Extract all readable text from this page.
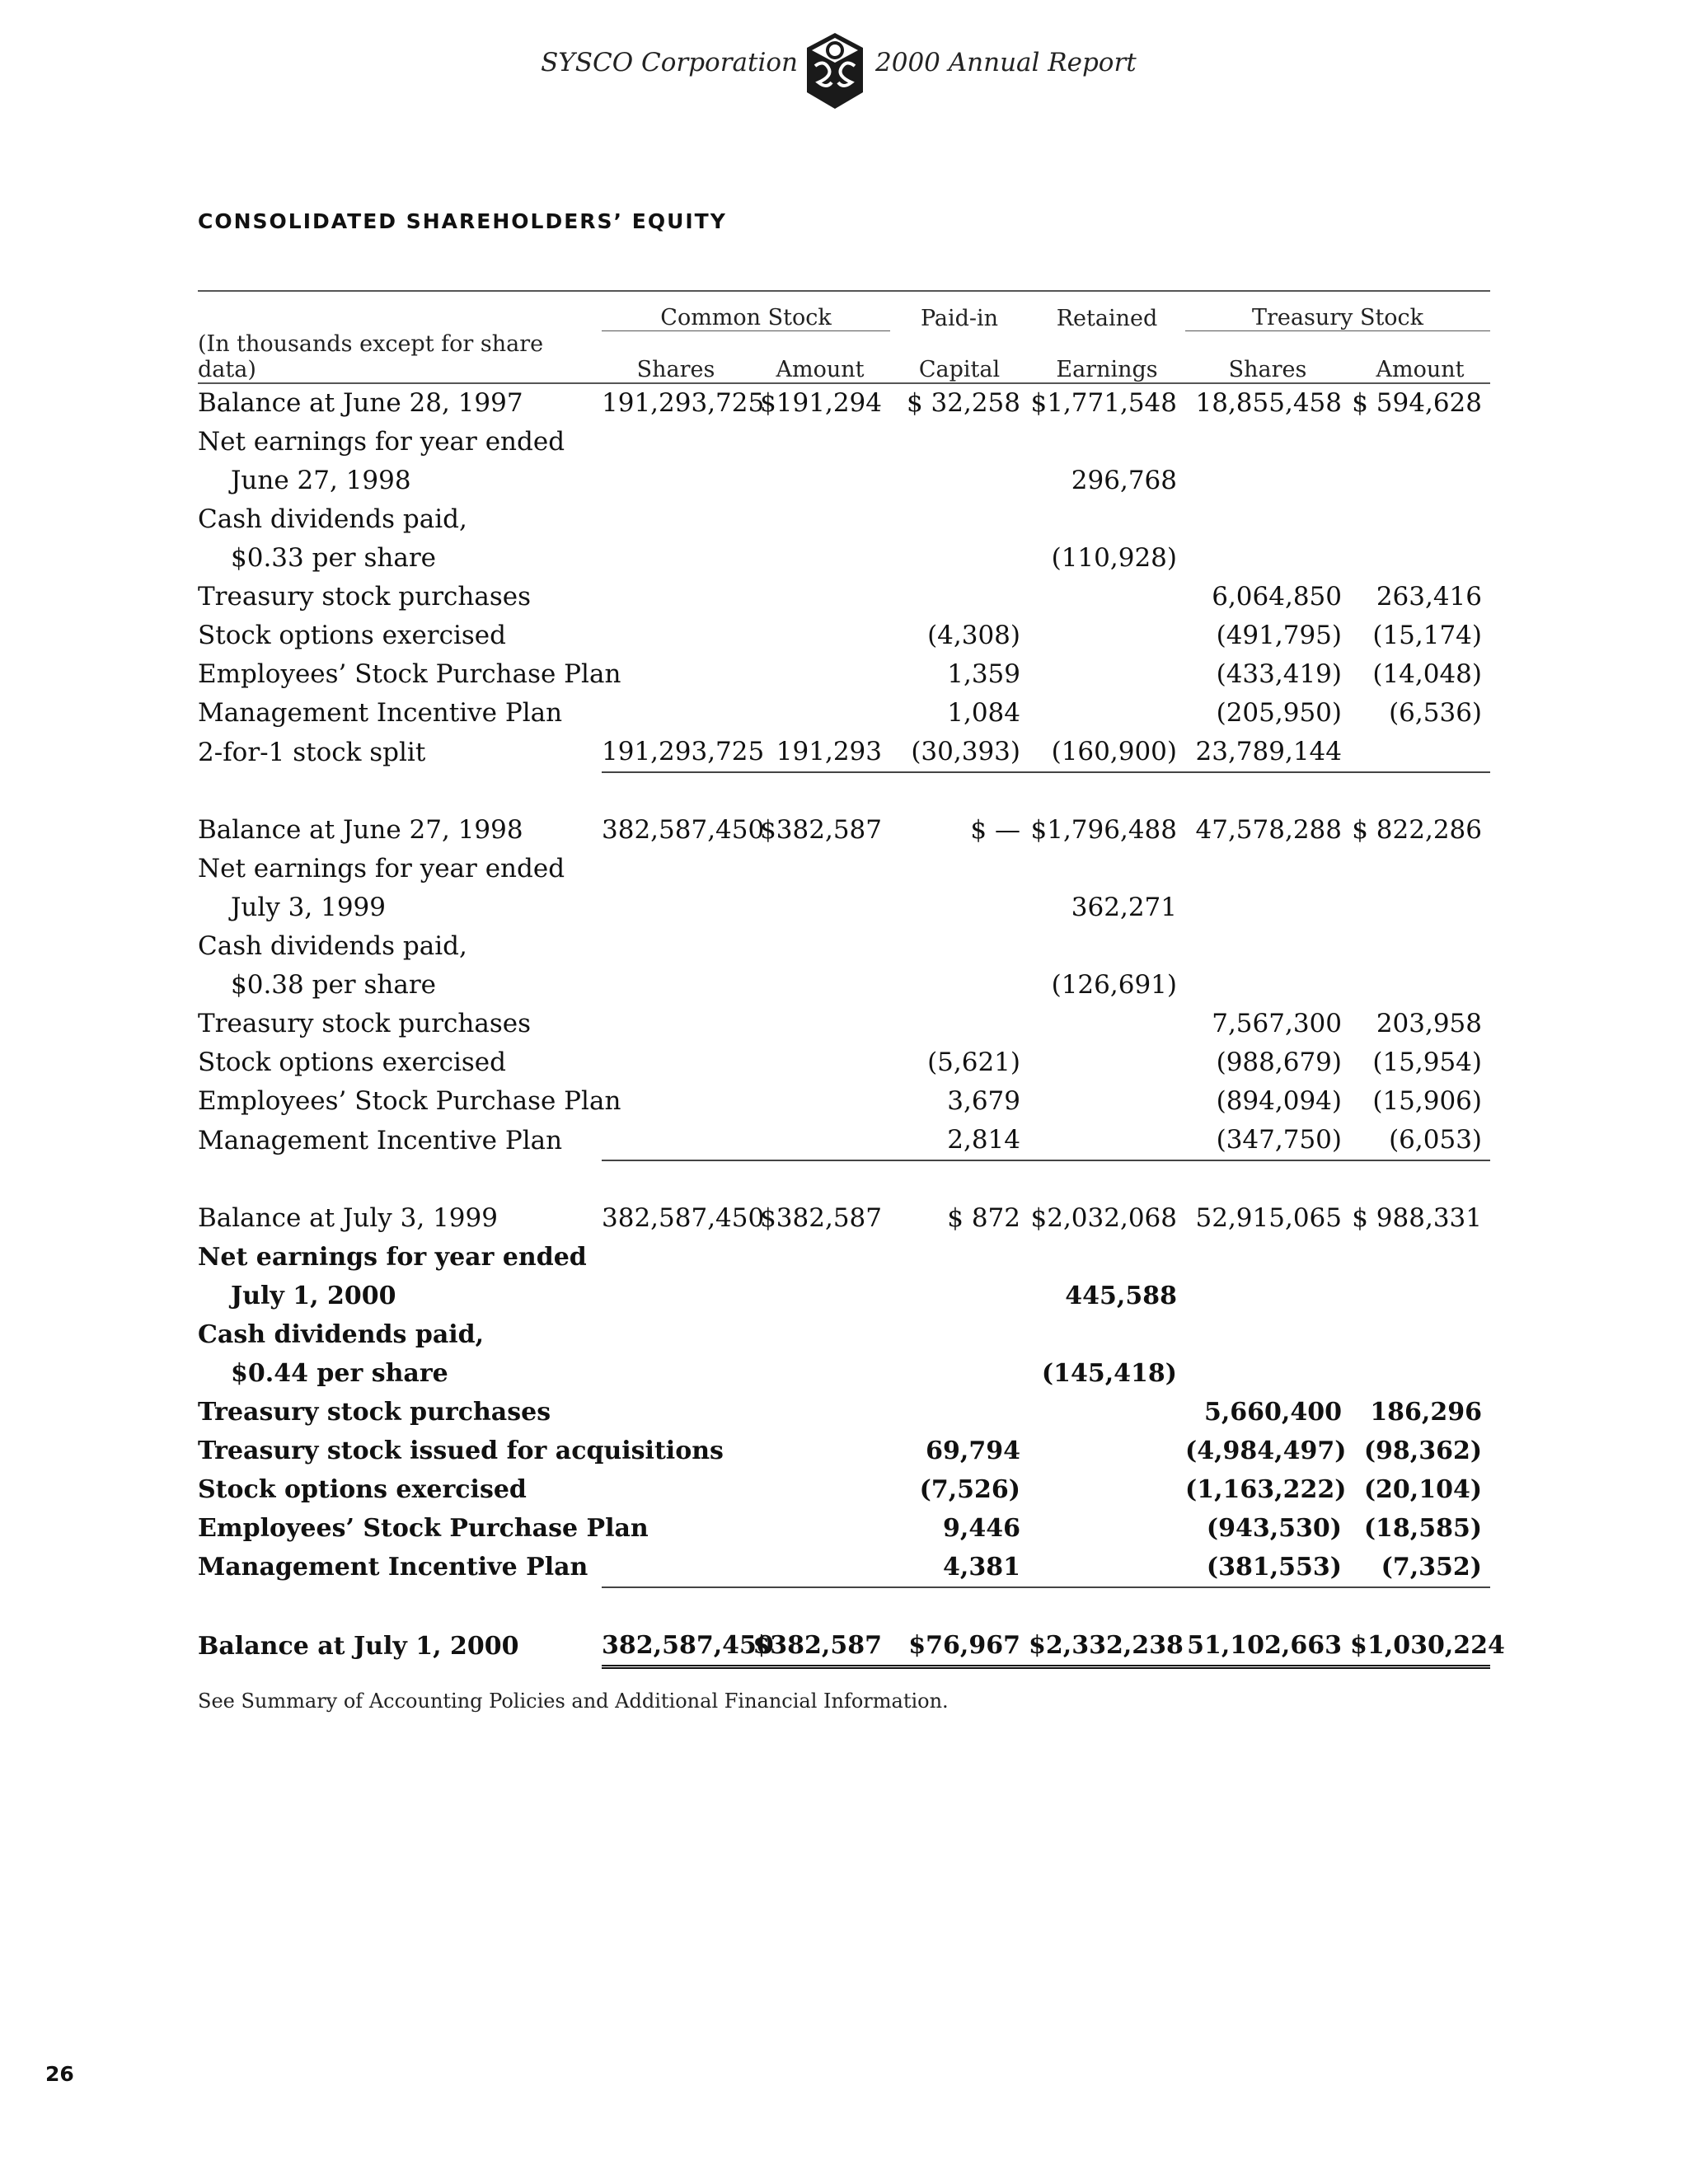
SYSCO Corporation	2000 Annual Report
CONSOLIDATED SHAREHOLDERS’ EQUITY
	Common Stock		Paid-in	Retained	Treasury Stock	
(In thousands except for share data)	Shares	Amount	Capital	Earnings	Shares	Amount
Balance at June 28, 1997	191,293,725	$191,294	$ 32,258	$1,771,548	18,855,458	$ 594,628
Net earnings for year ended						
June 27, 1998				296,768		
Cash dividends paid,						
$0.33 per share				(110,928)		
Treasury stock purchases					6,064,850	263,416
Stock options exercised			(4,308)		(491,795)	(15,174)
Employees’ Stock Purchase Plan			1,359		(433,419)	(14,048)
Management Incentive Plan			1,084		(205,950)	(6,536)
2-for-1 stock split	191,293,725	191,293	(30,393)	(160,900)	23,789,144	

Balance at June 27, 1998	382,587,450	$382,587	$ —	$1,796,488	47,578,288	$ 822,286
Net earnings for year ended						
July 3, 1999				362,271		
Cash dividends paid,						
$0.38 per share				(126,691)		
Treasury stock purchases					7,567,300	203,958
Stock options exercised			(5,621)		(988,679)	(15,954)
Employees’ Stock Purchase Plan			3,679		(894,094)	(15,906)
Management Incentive Plan			2,814		(347,750)	(6,053)

Balance at July 3, 1999	382,587,450	$382,587	$ 872	$2,032,068	52,915,065	$ 988,331
Net earnings for year ended						
July 1, 2000				445,588		
Cash dividends paid,						
$0.44 per share				(145,418)		
Treasury stock purchases					5,660,400	186,296
Treasury stock issued for acquisitions			69,794		(4,984,497)	(98,362)
Stock options exercised			(7,526)		(1,163,222)	(20,104)
Employees’ Stock Purchase Plan			9,446		(943,530)	(18,585)
Management Incentive Plan			4,381		(381,553)	(7,352)

Balance at July 1, 2000	382,587,450	$382,587	$76,967	$2,332,238	51,102,663	$1,030,224
See Summary of Accounting Policies and Additional Financial Information.
26
